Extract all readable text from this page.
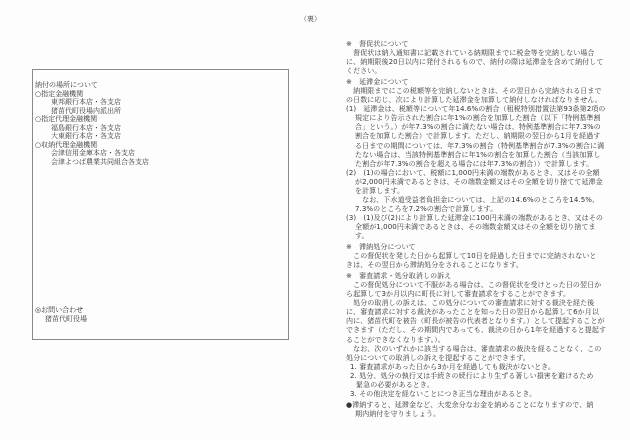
（裏）
納付の場所について
○指定金融機関
東邦銀行本店・各支店
猪苗代町役場内派出所
○指定代理金融機関
福島銀行本店・各支店
大東銀行本店・各支店
○収納代理金融機関
会津信用金庫本店・各支店
会津よつば農業共同組合各支店
◎お問い合わせ
猪苗代町役場
※　督促状について
　督促状は納入通知書に記載されている納期限までに税金等を完納しない場合
に、納期限後20日以内に発付されるもので、納付の際は延滞金を含めて納付して
ください。
※　延滞金について
　納期限までにこの税額等を完納しないときは、その翌日から完納される日まで
の日数に応じ、次により計算した延滞金を加算して納付しなければなりません。
(1)　延滞金は、税額等について年14.6%の割合（租税特別措置法第93条第2項の
規定により告示された割合に年1%の割合を加算した割合（以下「特例基準割
合」という。）が年7.3%の割合に満たない場合は、特例基準割合に年7.3%の
割合を加算した割合）で計算します。ただし、納期限の翌日から1月を経過す
る日までの期間については、年7.3%の割合（特例基準割合が7.3%の割合に満
たない場合は、当該特例基準割合に年1%の割合を加算した割合（当該加算し
た割合が年7.3%の割合を超える場合には年7.3%の割合））で計算します。
(2)　(1)の場合において、税額に1,000円未満の端数があるとき、又はその全額
が2,000円未満であるときは、その端数金額又はその全額を切り捨てて延滞金
を計算します。
　なお、下水道受益者負担金については、上記の14.6%のところを14.5%、
7.3%のところを7.2%の割合で計算します。
(3)　(1)及び(2)により計算した延滞金に100円未満の端数があるとき、又はその
全額が1,000円未満であるときは、その端数金額又はその全額を切り捨てま
す。
※　滞納処分について
　この督促状を発した日から起算して10日を経過した日までに完納されないと
きは、その翌日から滞納処分をされることになります。
※　審査請求・処分取消しの訴え
　この督促処分について不服がある場合は、この督促状を受けとった日の翌日か
ら起算して3か月以内に町長に対して審査請求をすることができます。
　処分の取消しの訴えは、この処分についての審査請求に対する裁決を経た後
に、審査請求に対する裁決があったことを知った日の翌日から起算して6か月以
内に、猪苗代町を被告（町長が被告の代表者となります。）として提起することが
できます（ただし、その期間内であっても、裁決の日から1年を経過すると提起す
ることができなくなります。）。
　なお、次のいずれかに該当する場合は、審査請求の裁決を経ることなく、この
処分についての取消しの訴えを提起することができます。
1. 審査請求があった日から3か月を経過しても裁決がないとき。
2. 処分、処分の執行又は手続きの続行により生ずる著しい損害を避けるため
緊急の必要があるとき。
3. その他決定を経ないことにつき正当な理由があるとき。
●滞納すると、延滞金など、大変余分なお金を納めることになりますので、納
期内納付を守りましょう。
